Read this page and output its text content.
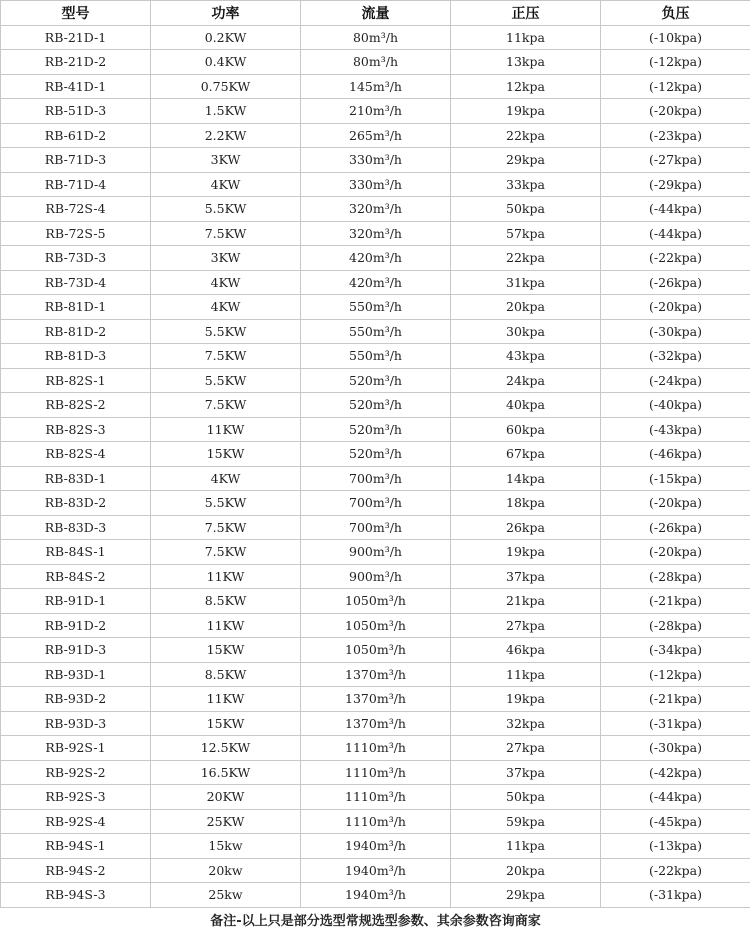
型号	功率	流量	正压	负压
RB-21D-1	0.2KW	80m³/h	11kpa	(-10kpa)
RB-21D-2	0.4KW	80m³/h	13kpa	(-12kpa)
RB-41D-1	0.75KW	145m³/h	12kpa	(-12kpa)
RB-51D-3	1.5KW	210m³/h	19kpa	(-20kpa)
RB-61D-2	2.2KW	265m³/h	22kpa	(-23kpa)
RB-71D-3	3KW	330m³/h	29kpa	(-27kpa)
RB-71D-4	4KW	330m³/h	33kpa	(-29kpa)
RB-72S-4	5.5KW	320m³/h	50kpa	(-44kpa)
RB-72S-5	7.5KW	320m³/h	57kpa	(-44kpa)
RB-73D-3	3KW	420m³/h	22kpa	(-22kpa)
RB-73D-4	4KW	420m³/h	31kpa	(-26kpa)
RB-81D-1	4KW	550m³/h	20kpa	(-20kpa)
RB-81D-2	5.5KW	550m³/h	30kpa	(-30kpa)
RB-81D-3	7.5KW	550m³/h	43kpa	(-32kpa)
RB-82S-1	5.5KW	520m³/h	24kpa	(-24kpa)
RB-82S-2	7.5KW	520m³/h	40kpa	(-40kpa)
RB-82S-3	11KW	520m³/h	60kpa	(-43kpa)
RB-82S-4	15KW	520m³/h	67kpa	(-46kpa)
RB-83D-1	4KW	700m³/h	14kpa	(-15kpa)
RB-83D-2	5.5KW	700m³/h	18kpa	(-20kpa)
RB-83D-3	7.5KW	700m³/h	26kpa	(-26kpa)
RB-84S-1	7.5KW	900m³/h	19kpa	(-20kpa)
RB-84S-2	11KW	900m³/h	37kpa	(-28kpa)
RB-91D-1	8.5KW	1050m³/h	21kpa	(-21kpa)
RB-91D-2	11KW	1050m³/h	27kpa	(-28kpa)
RB-91D-3	15KW	1050m³/h	46kpa	(-34kpa)
RB-93D-1	8.5KW	1370m³/h	11kpa	(-12kpa)
RB-93D-2	11KW	1370m³/h	19kpa	(-21kpa)
RB-93D-3	15KW	1370m³/h	32kpa	(-31kpa)
RB-92S-1	12.5KW	1110m³/h	27kpa	(-30kpa)
RB-92S-2	16.5KW	1110m³/h	37kpa	(-42kpa)
RB-92S-3	20KW	1110m³/h	50kpa	(-44kpa)
RB-92S-4	25KW	1110m³/h	59kpa	(-45kpa)
RB-94S-1	15kw	1940m³/h	11kpa	(-13kpa)
RB-94S-2	20kw	1940m³/h	20kpa	(-22kpa)
RB-94S-3	25kw	1940m³/h	29kpa	(-31kpa)
备注-以上只是部分选型常规选型参数、其余参数咨询商家				
